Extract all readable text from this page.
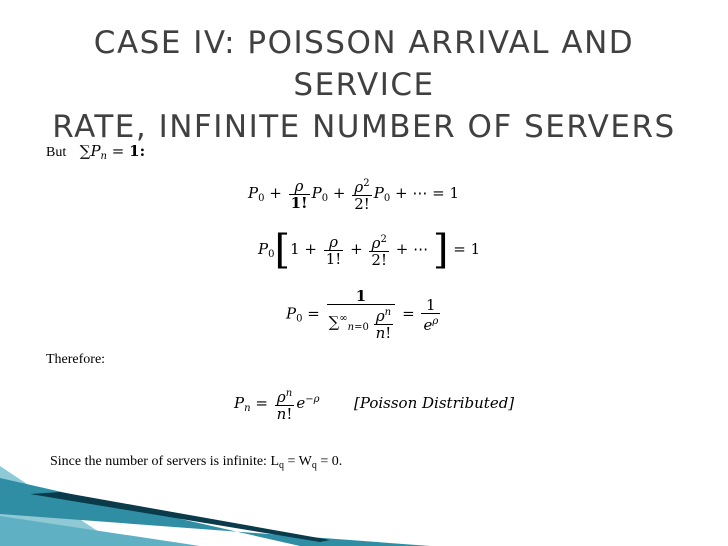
CASE IV: POISSON ARRIVAL AND SERVICE
RATE, INFINITE NUMBER OF SERVERS
But $\sum P_n = 1$:
$P_0 + \frac{\rho}{1!} P_0 + \frac{\rho^2}{2!} P_0$ + ⋯ = 1
$P_0[1 + \frac{\rho}{1!} + \frac{\rho^2}{2!}$ + ⋯ ] = 1
$P_0 = \frac{1}{\sum^\infty_{n=0} \frac{\rho^n}{n!}} = \frac{1}{e^\rho}$
Therefore:
$P_n = \frac{\rho^n}{n!} e^{-\rho}$ [Poisson Distributed]
Since the number of servers is infinite: $L_q = W_q = 0$.
